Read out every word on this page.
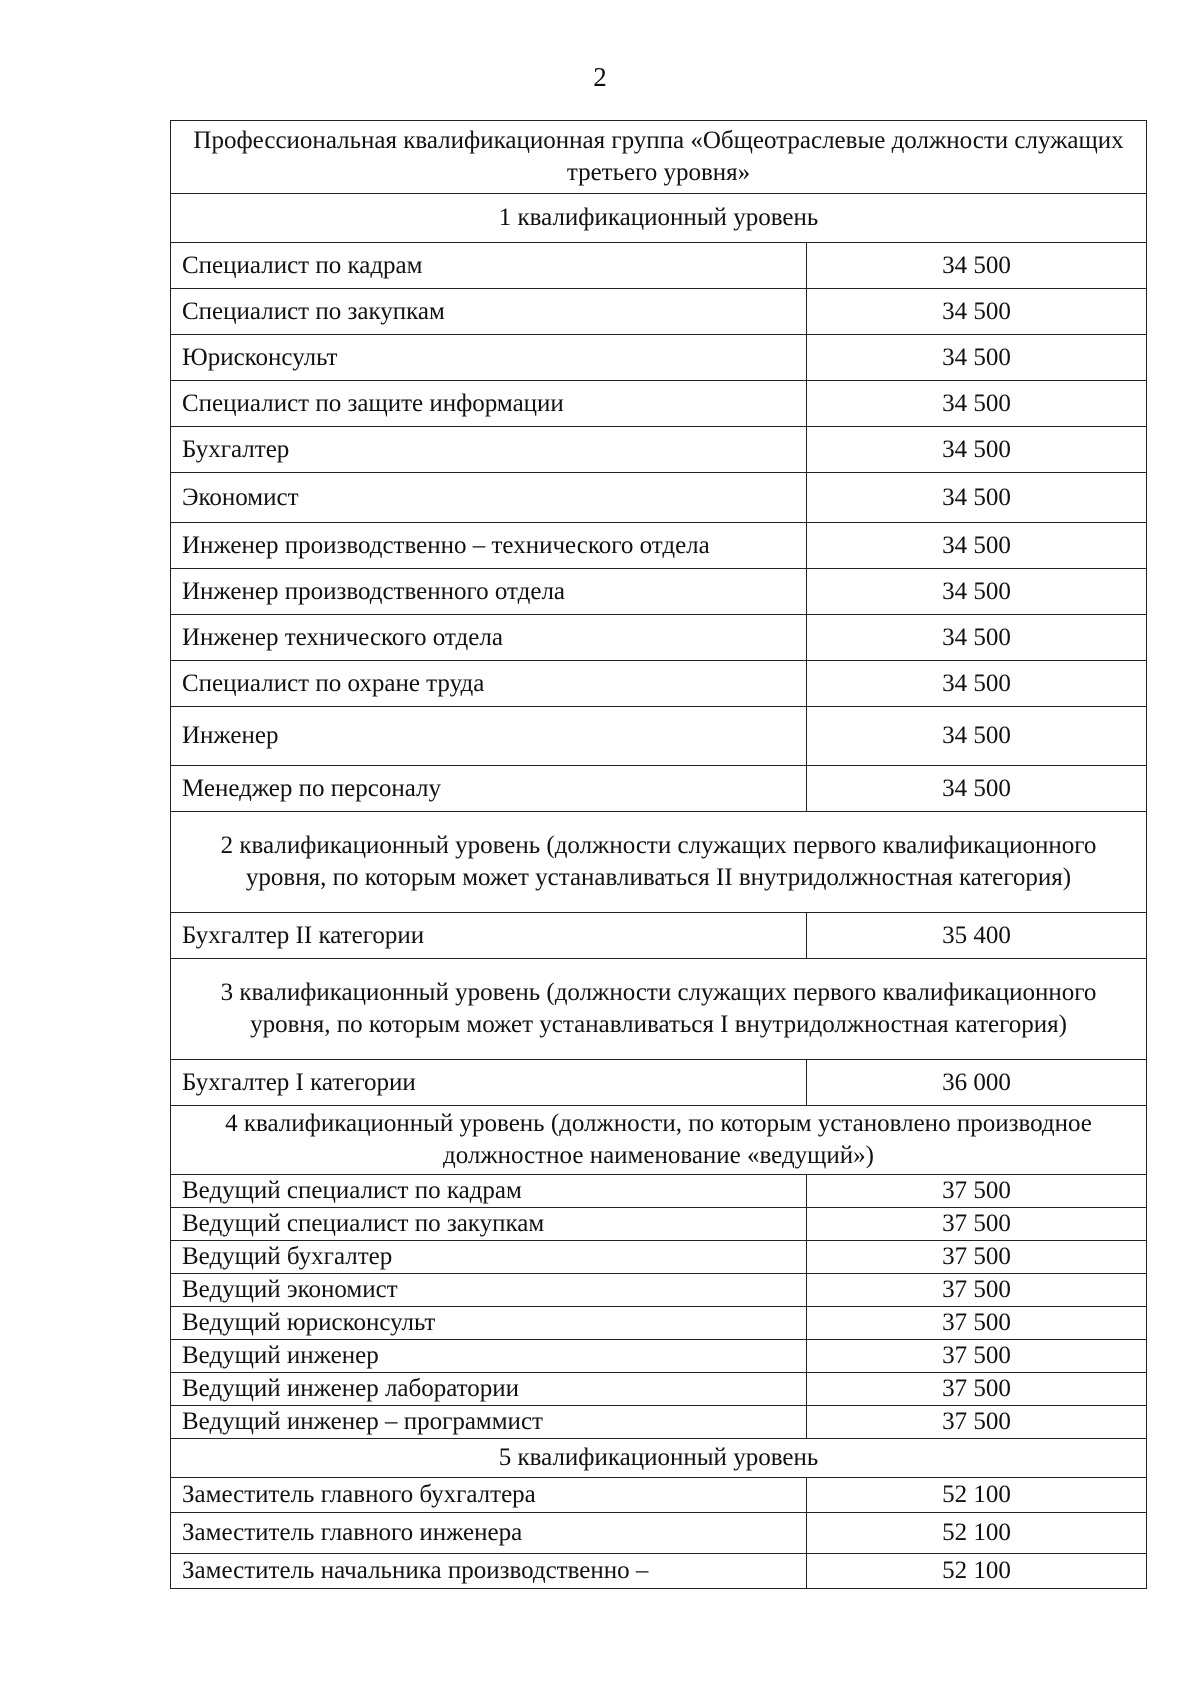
2
Профессиональная квалификационная группа «Общеотраслевые должности служащих третьего уровня»	
1 квалификационный уровень	
Специалист по кадрам	34 500
Специалист по закупкам	34 500
Юрисконсульт	34 500
Специалист по защите информации	34 500
Бухгалтер	34 500
Экономист	34 500
Инженер производственно – технического отдела	34 500
Инженер производственного отдела	34 500
Инженер технического отдела	34 500
Специалист по охране труда	34 500
Инженер	34 500
Менеджер по персоналу	34 500
2 квалификационный уровень (должности служащих первого квалификационного уровня, по которым может устанавливаться II внутридолжностная категория)	
Бухгалтер II категории	35 400
3 квалификационный уровень (должности служащих первого квалификационного уровня, по которым может устанавливаться I внутридолжностная категория)	
Бухгалтер I категории	36 000
4 квалификационный уровень (должности, по которым установлено производное должностное наименование «ведущий»)	
Ведущий специалист по кадрам	37 500
Ведущий специалист по закупкам	37 500
Ведущий бухгалтер	37 500
Ведущий экономист	37 500
Ведущий юрисконсульт	37 500
Ведущий инженер	37 500
Ведущий инженер лаборатории	37 500
Ведущий инженер – программист	37 500
5 квалификационный уровень	
Заместитель главного бухгалтера	52 100
Заместитель главного инженера	52 100
Заместитель начальника производственно –	52 100
